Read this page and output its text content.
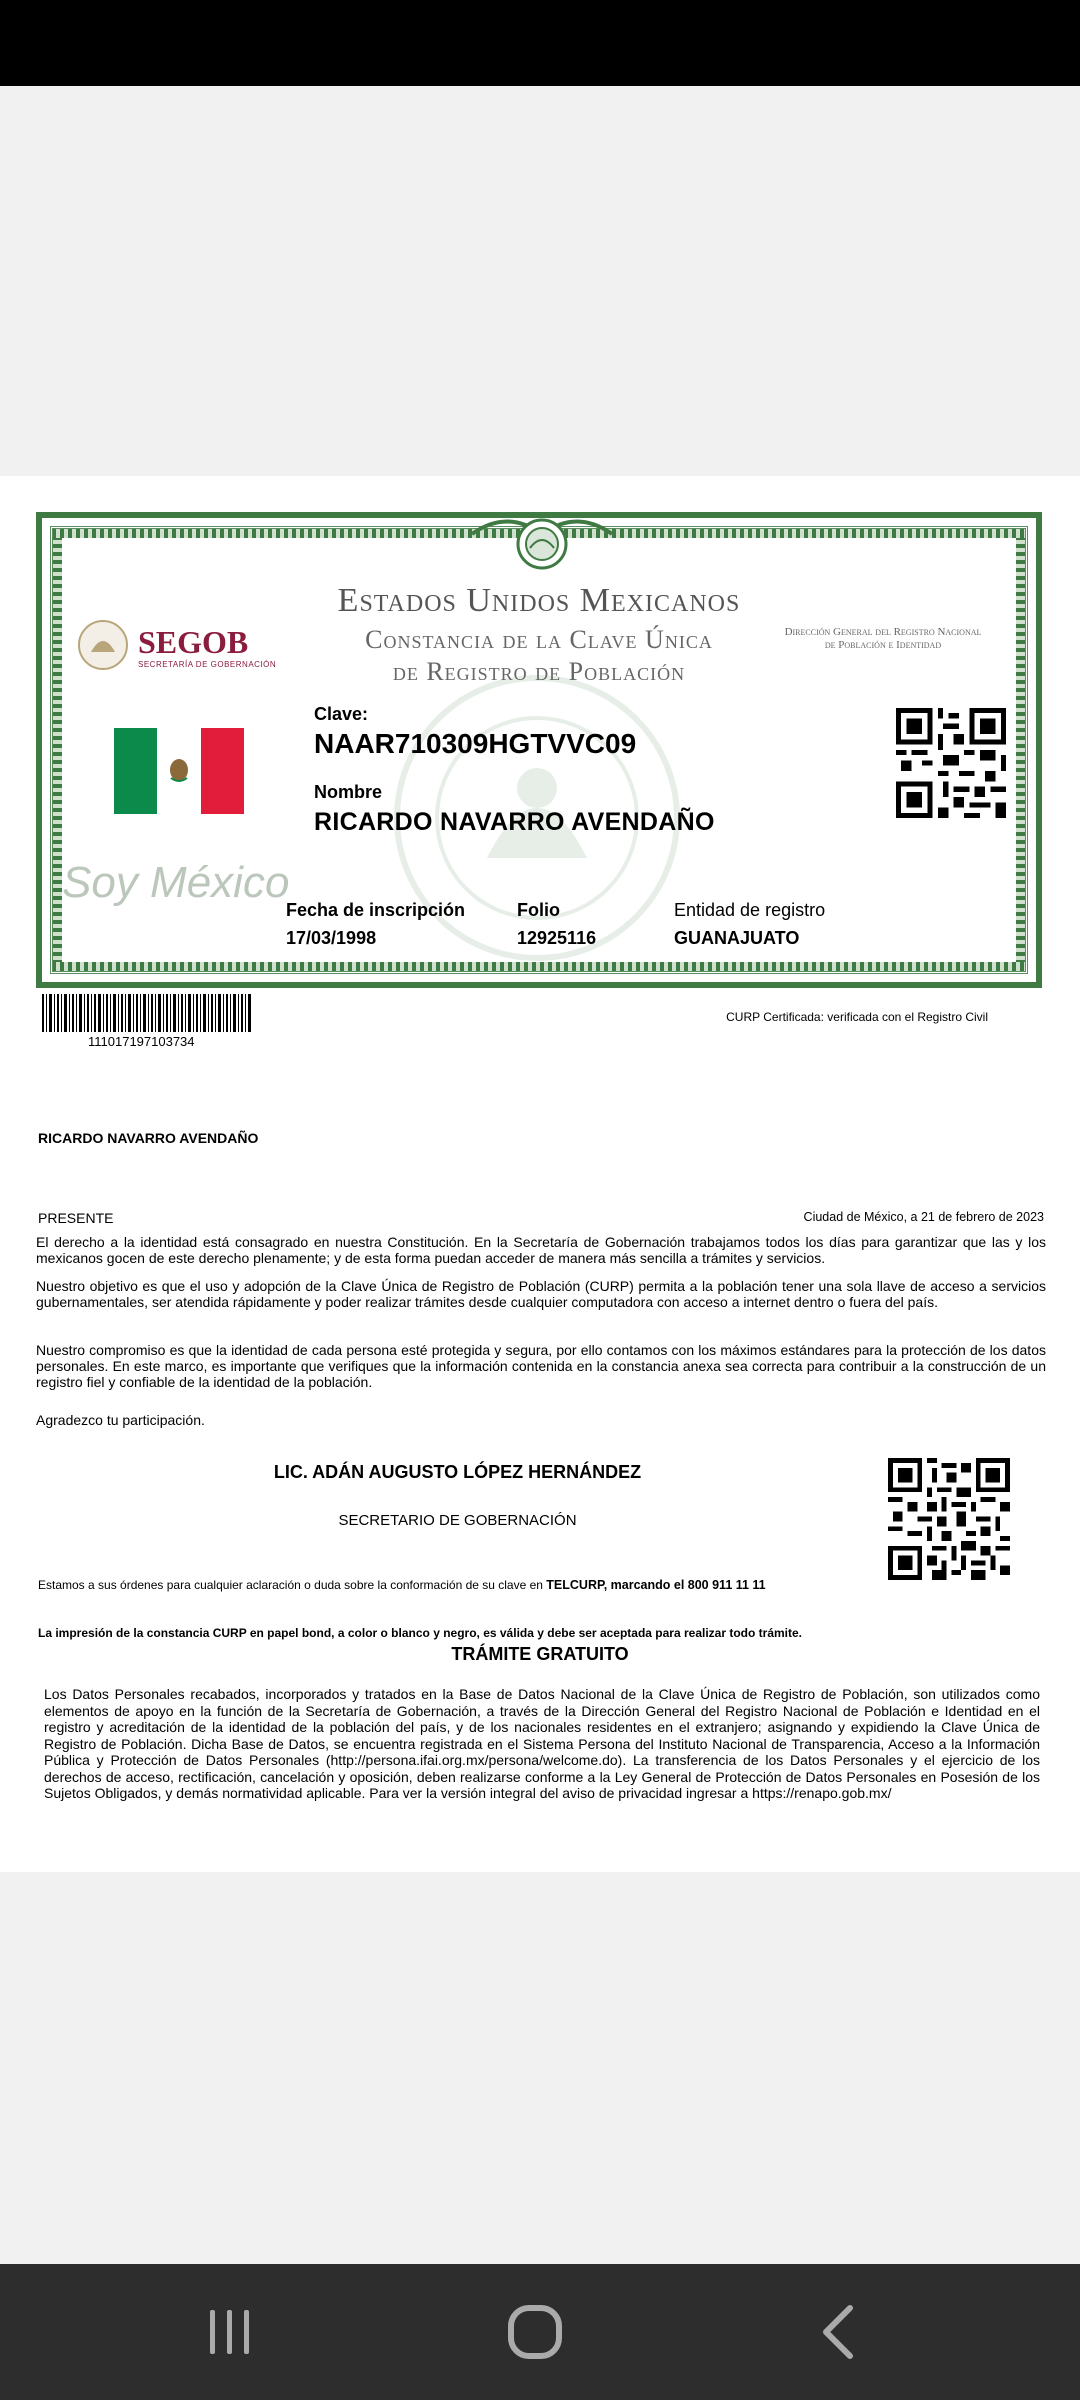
Estados Unidos Mexicanos
Constancia de la Clave Única
de Registro de Población
SEGOB
SECRETARÍA DE GOBERNACIÓN
Dirección General del Registro Nacional de Población e Identidad
Clave:
NAAR710309HGTVVC09
Nombre
RICARDO NAVARRO AVENDAÑO
Soy México
Fecha de inscripción
17/03/1998
Folio
12925116
Entidad de registro
GUANAJUATO
111017197103734
CURP Certificada: verificada con el Registro Civil
RICARDO NAVARRO AVENDAÑO
PRESENTE	Ciudad de México, a 21 de febrero de 2023
El derecho a la identidad está consagrado en nuestra Constitución. En la Secretaría de Gobernación trabajamos todos los días para garantizar que las y los mexicanos gocen de este derecho plenamente; y de esta forma puedan acceder de manera más sencilla a trámites y servicios.
Nuestro objetivo es que el uso y adopción de la Clave Única de Registro de Población (CURP) permita a la población tener una sola llave de acceso a servicios gubernamentales, ser atendida rápidamente y poder realizar trámites desde cualquier computadora con acceso a internet dentro o fuera del país.
Nuestro compromiso es que la identidad de cada persona esté protegida y segura, por ello contamos con los máximos estándares para la protección de los datos personales. En este marco, es importante que verifiques que la información contenida en la constancia anexa sea correcta para contribuir a la construcción de un registro fiel y confiable de la identidad de la población.
Agradezco tu participación.
LIC. ADÁN AUGUSTO LÓPEZ HERNÁNDEZ
SECRETARIO DE GOBERNACIÓN
Estamos a sus órdenes para cualquier aclaración o duda sobre la conformación de su clave en TELCURP, marcando el 800 911 11 11
La impresión de la constancia CURP en papel bond, a color o blanco y negro, es válida y debe ser aceptada para realizar todo trámite.
TRÁMITE GRATUITO
Los Datos Personales recabados, incorporados y tratados en la Base de Datos Nacional de la Clave Única de Registro de Población, son utilizados como elementos de apoyo en la función de la Secretaría de Gobernación, a través de la Dirección General del Registro Nacional de Población e Identidad en el registro y acreditación de la identidad de la población del país, y de los nacionales residentes en el extranjero; asignando y expidiendo la Clave Única de Registro de Población. Dicha Base de Datos, se encuentra registrada en el Sistema Persona del Instituto Nacional de Transparencia, Acceso a la Información Pública y Protección de Datos Personales (http://persona.ifai.org.mx/persona/welcome.do). La transferencia de los Datos Personales y el ejercicio de los derechos de acceso, rectificación, cancelación y oposición, deben realizarse conforme a la Ley General de Protección de Datos Personales en Posesión de los Sujetos Obligados, y demás normatividad aplicable. Para ver la versión integral del aviso de privacidad ingresar a https://renapo.gob.mx/
